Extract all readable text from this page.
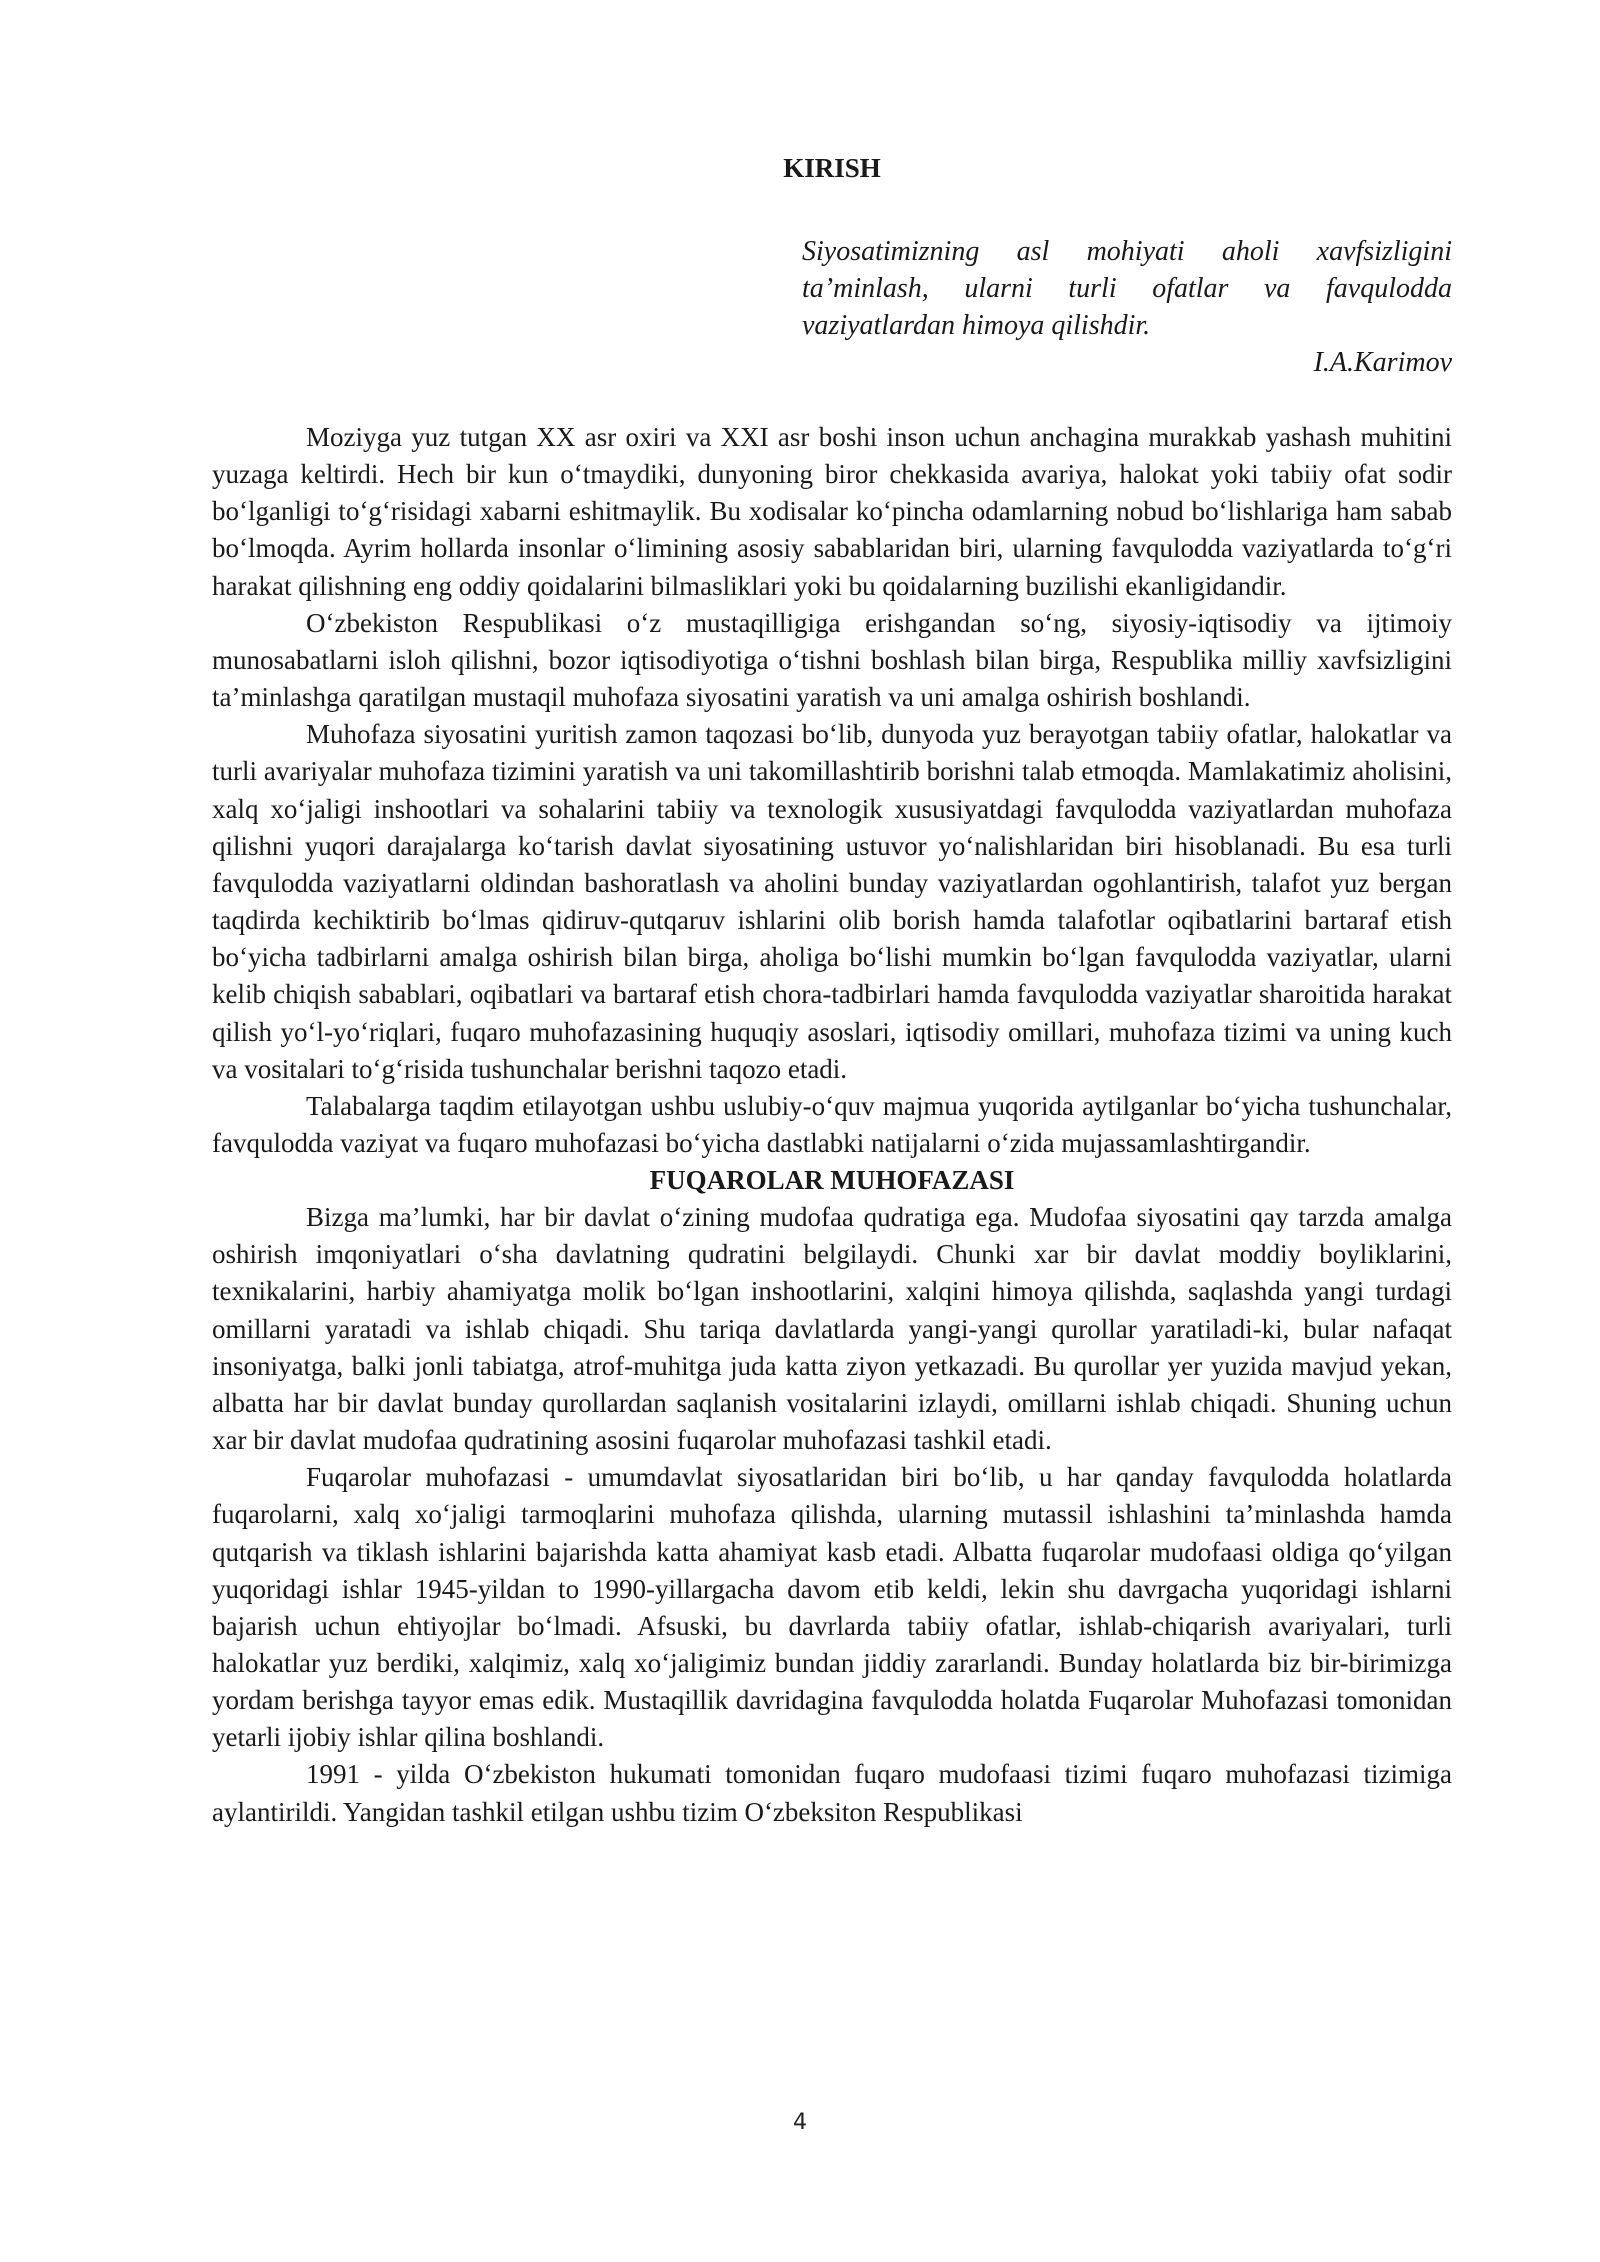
KIRISH
Siyosatimizning asl mohiyati aholi xavfsizligini ta’minlash, ularni turli ofatlar va favqulodda vaziyatlardan himoya qilishdir.

I.A.Karimov

Moziyga yuz tutgan XX asr oxiri va XXI asr boshi inson uchun anchagina murakkab yashash muhitini yuzaga keltirdi. Hech bir kun o‘tmaydiki, dunyoning biror chekkasida avariya, halokat yoki tabiiy ofat sodir bo‘lganligi to‘g‘risidagi xabarni eshitmaylik. Bu xodisalar ko‘pincha odamlarning nobud bo‘lishlariga ham sabab bo‘lmoqda. Ayrim hollarda insonlar o‘limining asosiy sabablaridan biri, ularning favqulodda vaziyatlarda to‘g‘ri harakat qilishning eng oddiy qoidalarini bilmasliklari yoki bu qoidalarning buzilishi ekanligidandir.

O‘zbekiston Respublikasi o‘z mustaqilligiga erishgandan so‘ng, siyosiy-iqtisodiy va ijtimoiy munosabatlarni isloh qilishni, bozor iqtisodiyotiga o‘tishni boshlash bilan birga, Respublika milliy xavfsizligini ta’minlashga qaratilgan mustaqil muhofaza siyosatini yaratish va uni amalga oshirish boshlandi.

Muhofaza siyosatini yuritish zamon taqozasi bo‘lib, dunyoda yuz berayotgan tabiiy ofatlar, halokatlar va turli avariyalar muhofaza tizimini yaratish va uni takomillashtirib borishni talab etmoqda. Mamlakatimiz aholisini, xalq xo‘jaligi inshootlari va sohalarini tabiiy va texnologik xususiyatdagi favqulodda vaziyatlardan muhofaza qilishni yuqori darajalarga ko‘tarish davlat siyosatining ustuvor yo‘nalishlaridan biri hisoblanadi. Bu esa turli favqulodda vaziyatlarni oldindan bashoratlash va aholini bunday vaziyatlardan ogohlantirish, talafot yuz bergan taqdirda kechiktirib bo‘lmas qidiruv-qutqaruv ishlarini olib borish hamda talafotlar oqibatlarini bartaraf etish bo‘yicha tadbirlarni amalga oshirish bilan birga, aholiga bo‘lishi mumkin bo‘lgan favqulodda vaziyatlar, ularni kelib chiqish sabablari, oqibatlari va bartaraf etish chora-tadbirlari hamda favqulodda vaziyatlar sharoitida harakat qilish yo‘l-yo‘riqlari, fuqaro muhofazasining huquqiy asoslari, iqtisodiy omillari, muhofaza tizimi va uning kuch va vositalari to‘g‘risida tushunchalar berishni taqozo etadi.

Talabalarga taqdim etilayotgan ushbu uslubiy-o‘quv majmua yuqorida aytilganlar bo‘yicha tushunchalar, favqulodda vaziyat va fuqaro muhofazasi bo‘yicha dastlabki natijalarni o‘zida mujassamlashtirgandir.

FUQAROLAR MUHOFAZASI

Bizga ma’lumki, har bir davlat o‘zining mudofaa qudratiga ega. Mudofaa siyosatini qay tarzda amalga oshirish imqoniyatlari o‘sha davlatning qudratini belgilaydi. Chunki xar bir davlat moddiy boyliklarini, texnikalarini, harbiy ahamiyatga molik bo‘lgan inshootlarini, xalqini himoya qilishda, saqlashda yangi turdagi omillarni yaratadi va ishlab chiqadi. Shu tariqa davlatlarda yangi-yangi qurollar yaratiladi-ki, bular nafaqat insoniyatga, balki jonli tabiatga, atrof-muhitga juda katta ziyon yetkazadi. Bu qurollar yer yuzida mavjud yekan, albatta har bir davlat bunday qurollardan saqlanish vositalarini izlaydi, omillarni ishlab chiqadi. Shuning uchun xar bir davlat mudofaa qudratining asosini fuqarolar muhofazasi tashkil etadi.

Fuqarolar muhofazasi - umumdavlat siyosatlaridan biri bo‘lib, u har qanday favqulodda holatlarda fuqarolarni, xalq xo‘jaligi tarmoqlarini muhofaza qilishda, ularning mutassil ishlashini ta’minlashda hamda qutqarish va tiklash ishlarini bajarishda katta ahamiyat kasb etadi. Albatta fuqarolar mudofaasi oldiga qo‘yilgan yuqoridagi ishlar 1945-yildan to 1990-yillargacha davom etib keldi, lekin shu davrgacha yuqoridagi ishlarni bajarish uchun ehtiyojlar bo‘lmadi. Afsuski, bu davrlarda tabiiy ofatlar, ishlab-chiqarish avariyalari, turli halokatlar yuz berdiki, xalqimiz, xalq xo‘jaligimiz bundan jiddiy zararlandi. Bunday holatlarda biz bir-birimizga yordam berishga tayyor emas edik. Mustaqillik davridagina favqulodda holatda Fuqarolar Muhofazasi tomonidan yetarli ijobiy ishlar qilina boshlandi.

1991 - yilda O‘zbekiston hukumati tomonidan fuqaro mudofaasi tizimi fuqaro muhofazasi tizimiga aylantirildi. Yangidan tashkil etilgan ushbu tizim O‘zbeksiton Respublikasi

4
